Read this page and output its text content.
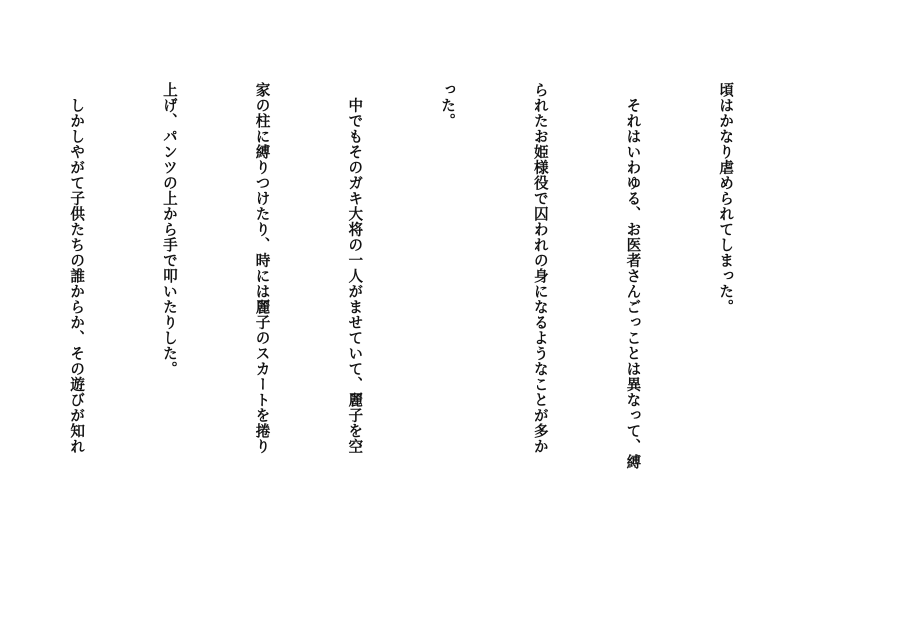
頃はかなり虐められてしまった。

　それはいわゆる、お医者さんごっことは異なって、縛

られたお姫様役で囚われの身になるようなことが多か

った。

　中でもそのガキ大将の一人がませていて、麗子を空

家の柱に縛りつけたり、時には麗子のスカートを捲り

上げ、パンツの上から手で叩いたりした。

　しかしやがて子供たちの誰からか、その遊びが知れ
